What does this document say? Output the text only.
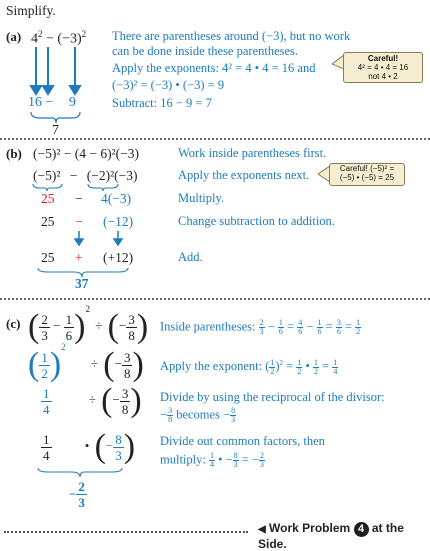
Simplify.
(a) $4^2 - (-3)^2$
16 − 9
7
There are parentheses around (−3), but no work
can be done inside these parentheses.
Apply the exponents: 4² = 4 • 4 = 16 and
(−3)² = (−3) • (−3) = 9
Subtract: 16 − 9 = 7
Careful!
4² = 4 • 4 = 16
not 4 • 2
(b) (−5)² − (4 − 6)²(−3)	Work inside parentheses first.
(−5)² − (−2)²(−3)	Apply the exponents next.	Careful! (−5)² =
(−5) • (−5) = 25
25 − 4(−3)	Multiply.
25 − (−12)	Change subtraction to addition.
25 + (+12)	Add.
37
(c) ( $\frac{2}{3} - \frac{1}{6} )^2$ ÷ (− $\frac{3}{8}$ ) Inside parentheses: $\frac{2}{3} - \frac{1}{6} = \frac{4}{6} - \frac{1}{6} = \frac{3}{6} = \frac{1}{2}$
( $\frac{1}{2} )^2$ ÷ (− $\frac{3}{8}$ ) Apply the exponent: ( $\frac{1}{2} )^2 = \frac{1}{2}$ • $\frac{1}{2} = \frac{1}{4}$
$\frac{1}{4}$	÷ (− $\frac{3}{8}$ ) Divide by using the reciprocal of the divisor:
− $\frac{3}{8}$ becomes − $\frac{8}{3}$
$\frac{1}{4}$	• (− $\frac{8}{3}$ ) Divide out common factors, then
multiply: $\frac{1}{4}$ • − $\frac{8}{3}$ = − $\frac{2}{3}$
− $\frac{2}{3}$
◀ Work Problem 4 at the Side.
